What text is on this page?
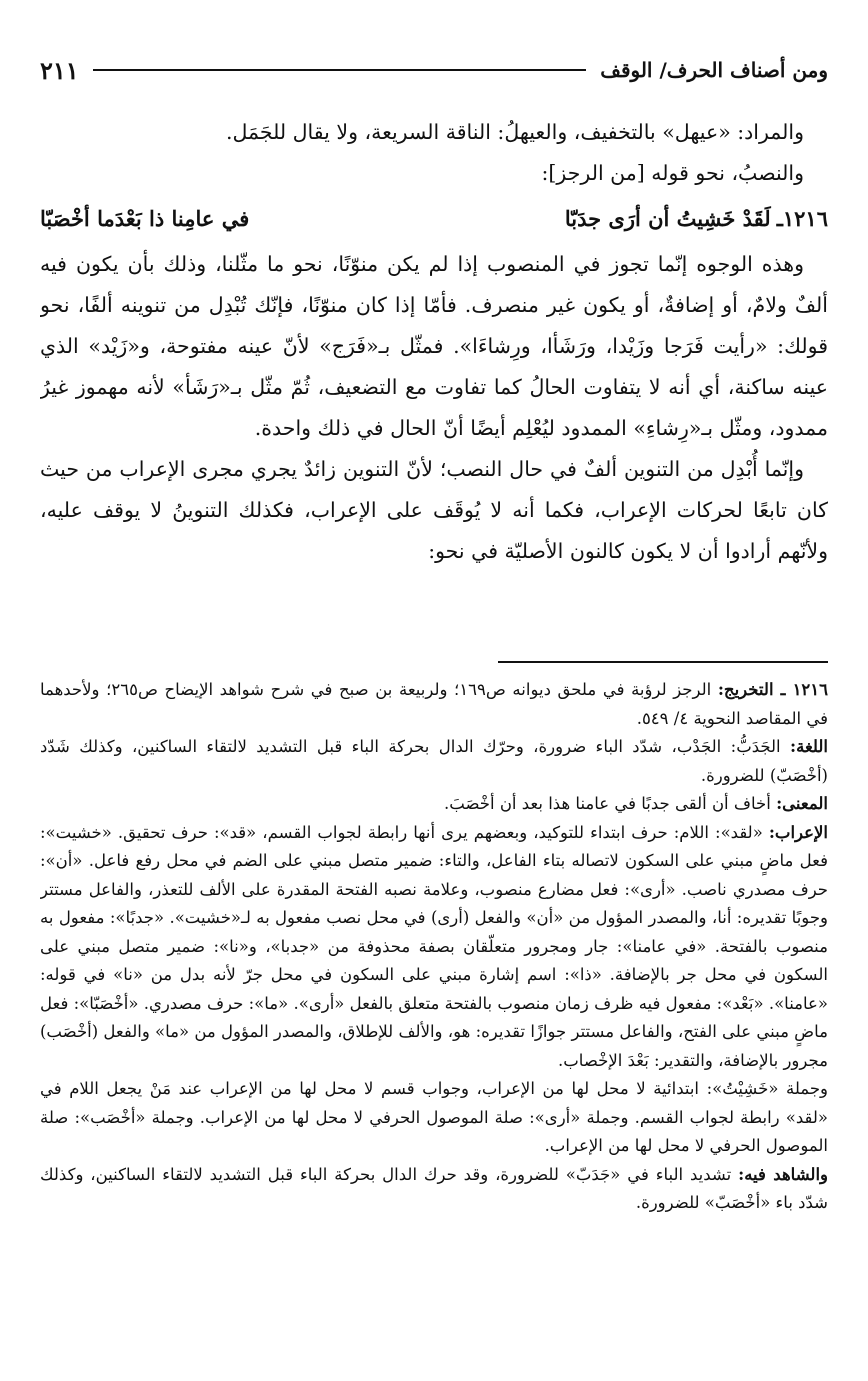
ومن أصناف الحرف/ الوقف
٢١١

والمراد: «عيهل» بالتخفيف، والعيهلُ: الناقة السريعة، ولا يقال للجَمَل.

والنصبُ، نحو قوله [من الرجز]:

١٢١٦ـ
لَقَدْ خَشِيتُ أن أرَى جدَبّا
في عامِنا ذا بَعْدَما أخْصَبّا

وهذه الوجوه إنّما تجوز في المنصوب إذا لم يكن منوّنًا، نحو ما مثّلنا، وذلك بأن يكون فيه ألفٌ ولامٌ، أو إضافةٌ، أو يكون غير منصرف. فأمّا إذا كان منوّنًا، فإنّك تُبْدِل من تنوينه ألفًا، نحو قولك: «رأيت فَرَجا وزَيْدا، ورَشَأا، ورِشاءَا». فمثّل بـ«فَرَج» لأنّ عينه مفتوحة، و«زَيْد» الذي عينه ساكنة، أي أنه لا يتفاوت الحالُ كما تفاوت مع التضعيف، ثُمّ مثّل بـ«رَشَأ» لأنه مهموز غيرُ ممدود، ومثّل بـ«رِشاءِ» الممدود ليُعْلِم أيضًا أنّ الحال في ذلك واحدة.

وإنّما أُبْدِل من التنوين ألفٌ في حال النصب؛ لأنّ التنوين زائدٌ يجري مجرى الإعراب من حيث كان تابعًا لحركات الإعراب، فكما أنه لا يُوقَف على الإعراب، فكذلك التنوينُ لا يوقف عليه، ولأنّهم أرادوا أن لا يكون كالنون الأصليّة في نحو:

١٢١٦ ـ التخريج: الرجز لرؤبة في ملحق ديوانه ص١٦٩؛ ولربيعة بن صبح في شرح شواهد الإيضاح ص٢٦٥؛ ولأحدهما في المقاصد النحوية ٤/ ٥٤٩.

اللغة: الجَدَبُّ: الجَدْب، شدّد الباء ضرورة، وحرّك الدال بحركة الباء قبل التشديد لالتقاء الساكنين، وكذلك شَدّد (أخْصَبّ) للضرورة.

المعنى: أخاف أن ألقى جدبًا في عامنا هذا بعد أن أخْصَبَ.

الإعراب: «لقد»: اللام: حرف ابتداء للتوكيد، وبعضهم يرى أنها رابطة لجواب القسم، «قد»: حرف تحقيق. «خشيت»: فعل ماضٍ مبني على السكون لاتصاله بتاء الفاعل، والتاء: ضمير متصل مبني على الضم في محل رفع فاعل. «أن»: حرف مصدري ناصب. «أرى»: فعل مضارع منصوب، وعلامة نصبه الفتحة المقدرة على الألف للتعذر، والفاعل مستتر وجوبًا تقديره: أنا، والمصدر المؤول من «أن» والفعل (أرى) في محل نصب مفعول به لـ«خشيت». «جدبًا»: مفعول به منصوب بالفتحة. «في عامنا»: جار ومجرور متعلّقان بصفة محذوفة من «جدبا»، و«نا»: ضمير متصل مبني على السكون في محل جر بالإضافة. «ذا»: اسم إشارة مبني على السكون في محل جرّ لأنه بدل من «نا» في قوله: «عامنا». «بَعْد»: مفعول فيه ظرف زمان منصوب بالفتحة متعلق بالفعل «أرى». «ما»: حرف مصدري. «أخْصَبّا»: فعل ماضٍ مبني على الفتح، والفاعل مستتر جوازًا تقديره: هو، والألف للإطلاق، والمصدر المؤول من «ما» والفعل (أخْصَب) مجرور بالإضافة، والتقدير: بَعْدَ الإخْصاب.

وجملة «خَشِيْتُ»: ابتدائية لا محل لها من الإعراب، وجواب قسم لا محل لها من الإعراب عند مَنْ يجعل اللام في «لقد» رابطة لجواب القسم. وجملة «أرى»: صلة الموصول الحرفي لا محل لها من الإعراب. وجملة «أخْصَب»: صلة الموصول الحرفي لا محل لها من الإعراب.

والشاهد فيه: تشديد الباء في «جَدَبّ» للضرورة، وقد حرك الدال بحركة الباء قبل التشديد لالتقاء الساكنين، وكذلك شدّد باء «أخْصَبّ» للضرورة.
